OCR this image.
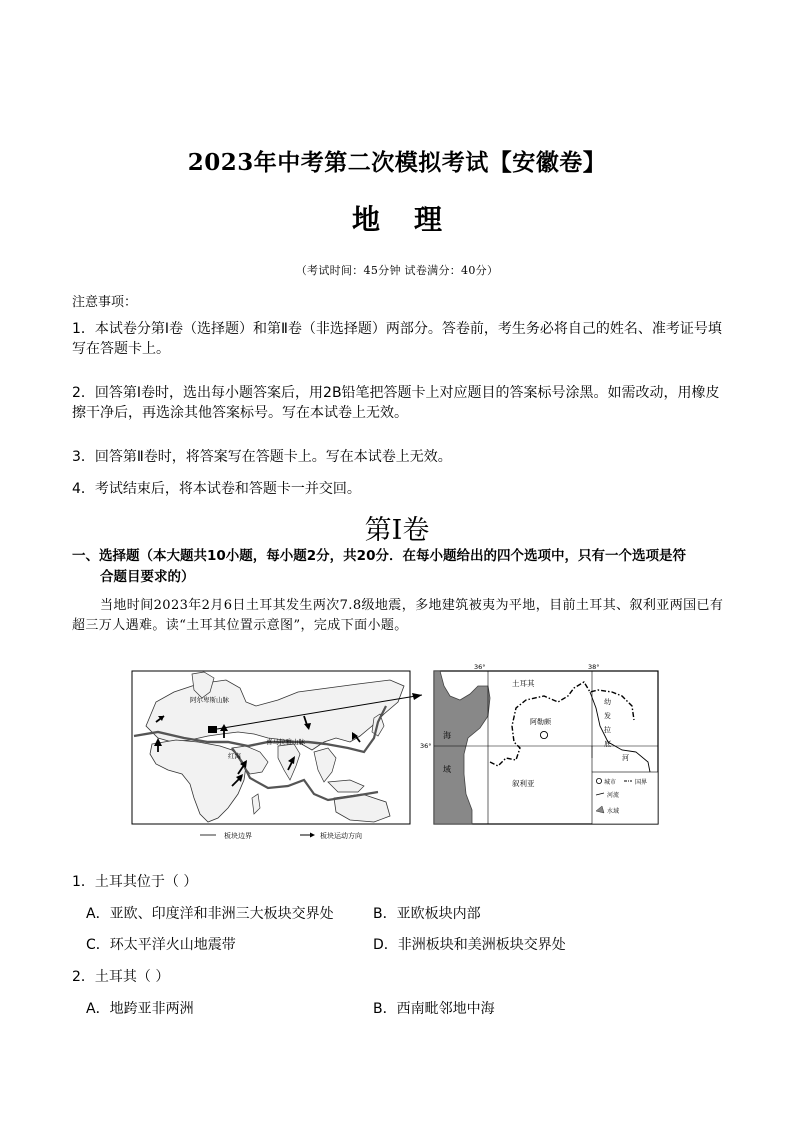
2023年中考第二次模拟考试【安徽卷】
地 理
（考试时间：45分钟 试卷满分：40分）
注意事项：
1．本试卷分第Ⅰ卷（选择题）和第Ⅱ卷（非选择题）两部分。答卷前，考生务必将自己的姓名、准考证号填写在答题卡上。
2．回答第Ⅰ卷时，选出每小题答案后，用2B铅笔把答题卡上对应题目的答案标号涂黑。如需改动，用橡皮擦干净后，再选涂其他答案标号。写在本试卷上无效。
3．回答第Ⅱ卷时，将答案写在答题卡上。写在本试卷上无效。
4．考试结束后，将本试卷和答题卡一并交回。
第Ⅰ卷
一、选择题（本大题共10小题，每小题2分，共20分．在每小题给出的四个选项中，只有一个选项是符
合题目要求的）
当地时间2023年2月6日土耳其发生两次7.8级地震，多地建筑被夷为平地，目前土耳其、叙利亚两国已有超三万人遇难。读“土耳其位置示意图”，完成下面小题。
阿尔卑斯山脉
喜马拉雅山脉
红海
板块边界	板块运动方向
36°	38°
36°
海
域
土耳其
阿勒颇
叙利亚
幼
发
拉
底
河
城市	国界
河流
水域
1．土耳其位于（ ）
A．亚欧、印度洋和非洲三大板块交界处	B．亚欧板块内部
C．环太平洋火山地震带	D．非洲板块和美洲板块交界处
2．土耳其（ ）
A．地跨亚非两洲	B．西南毗邻地中海
